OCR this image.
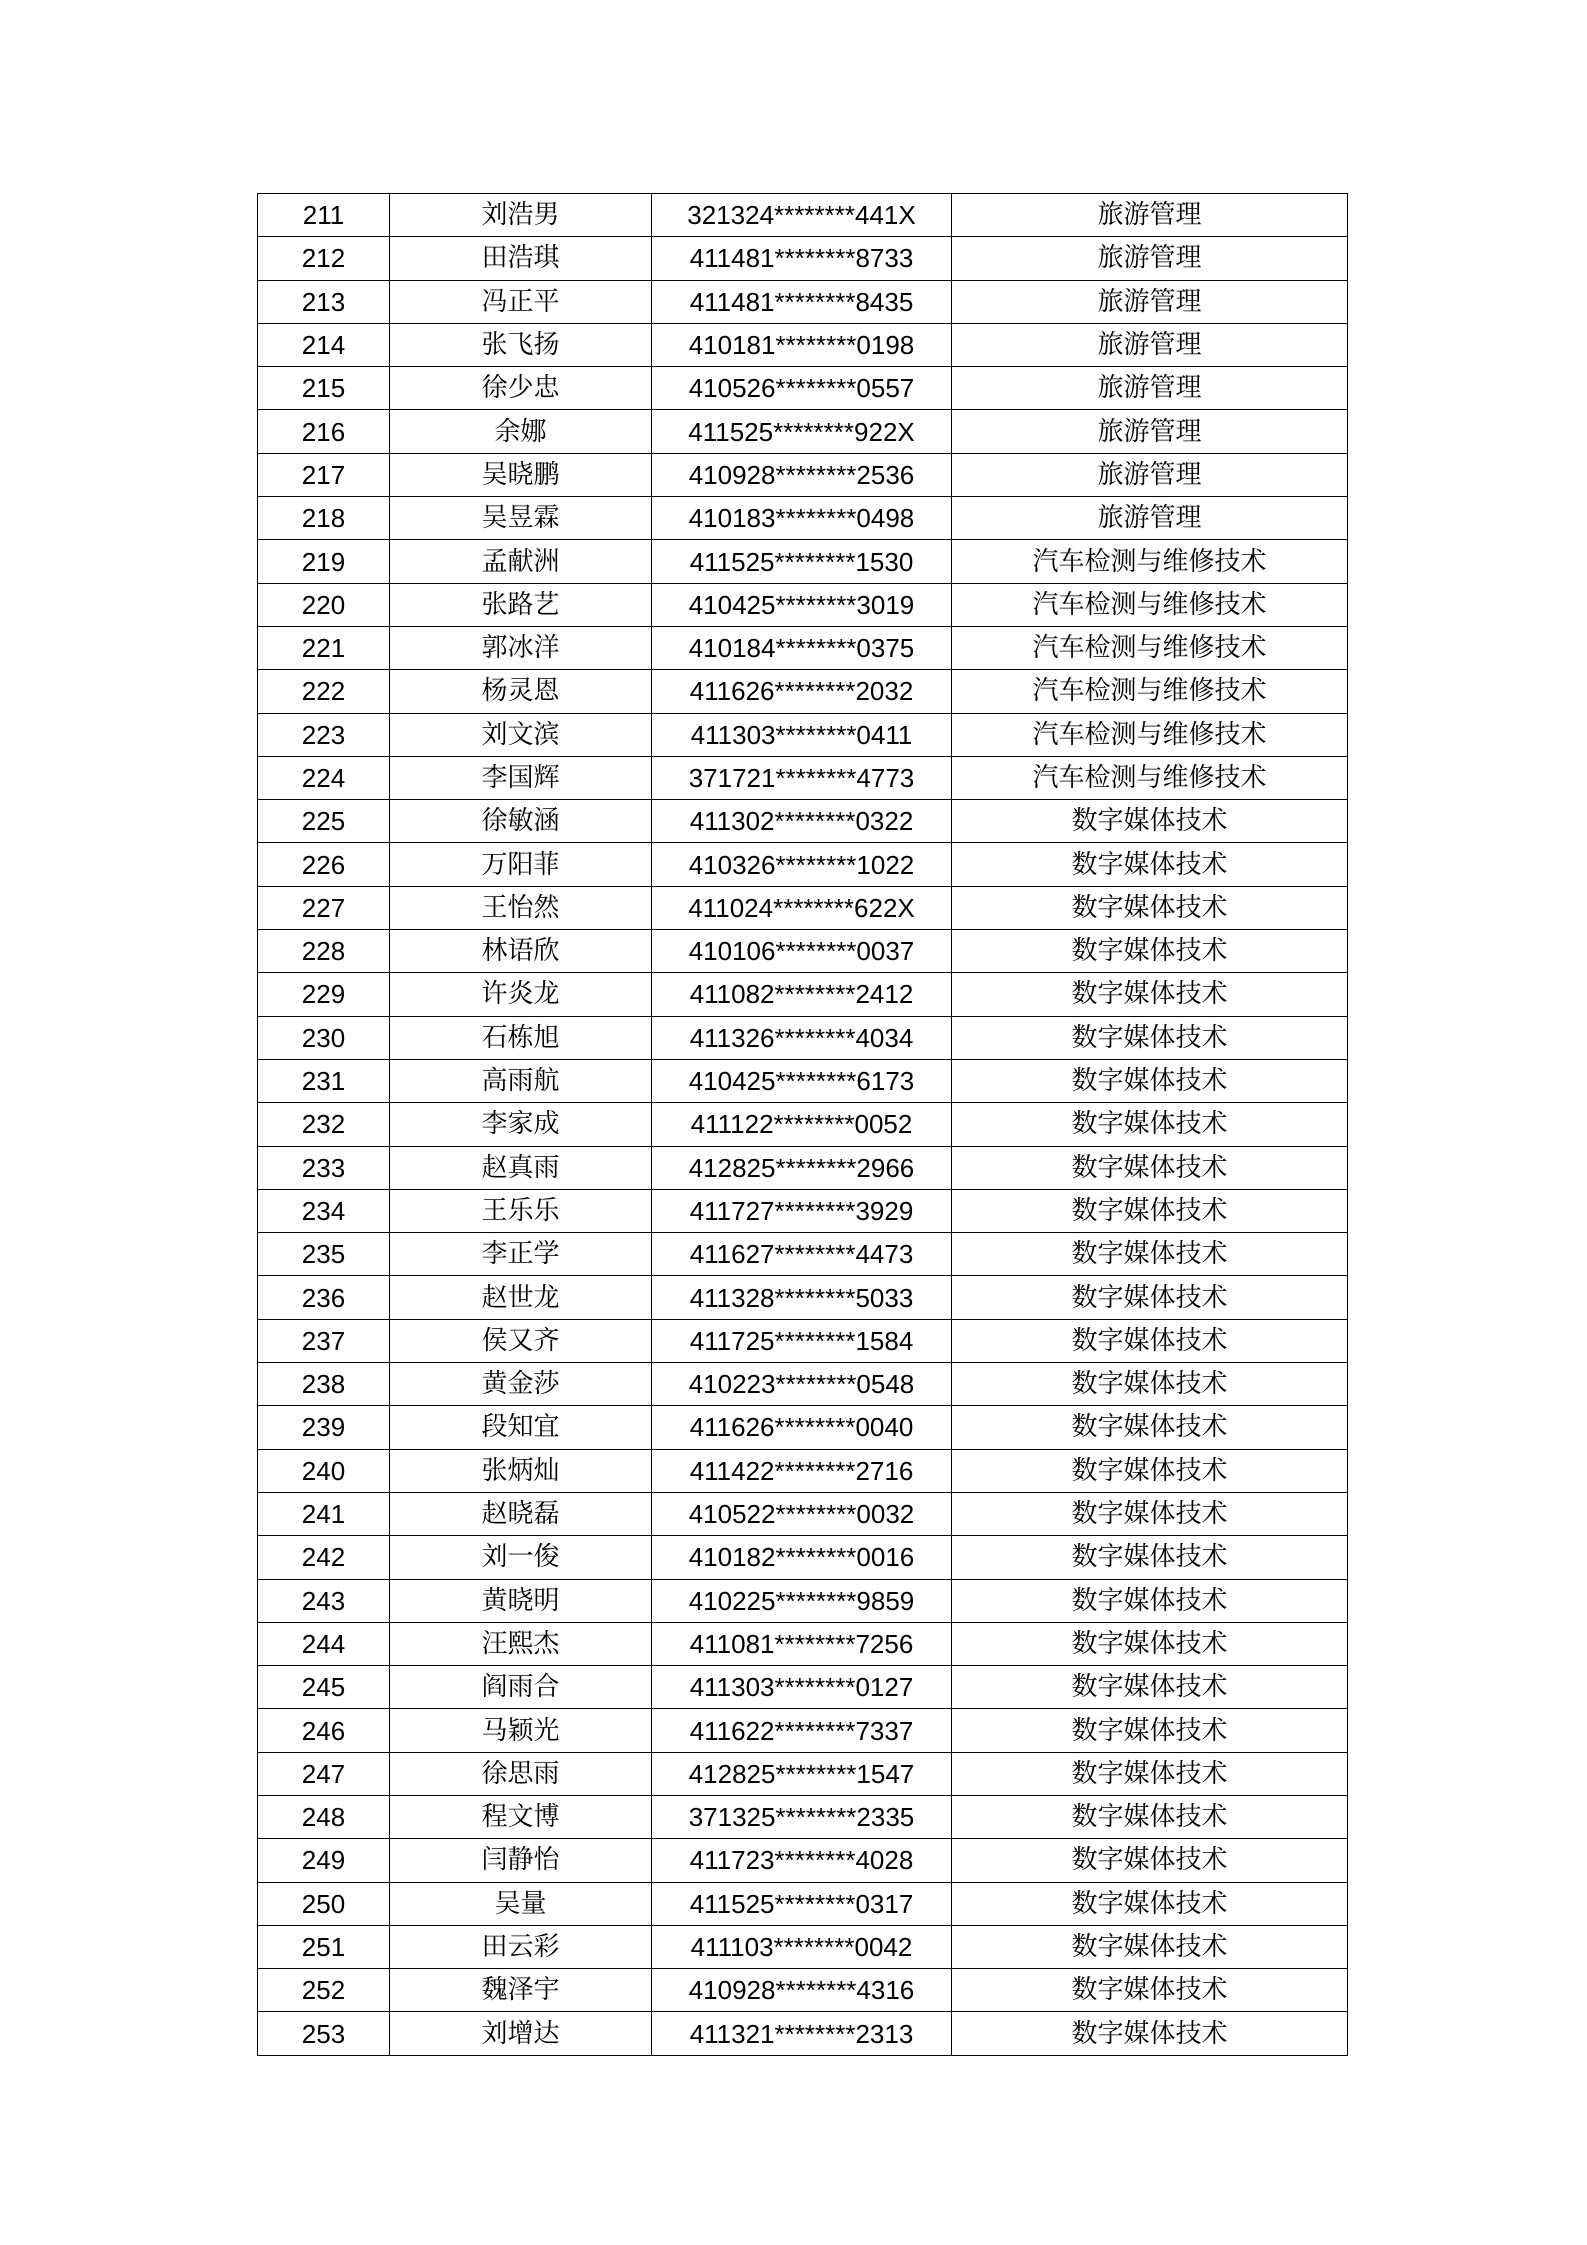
211	刘浩男	321324********441X	旅游管理
212	田浩琪	411481********8733	旅游管理
213	冯正平	411481********8435	旅游管理
214	张飞扬	410181********0198	旅游管理
215	徐少忠	410526********0557	旅游管理
216	余娜	411525********922X	旅游管理
217	吴晓鹏	410928********2536	旅游管理
218	吴昱霖	410183********0498	旅游管理
219	孟献洲	411525********1530	汽车检测与维修技术
220	张路艺	410425********3019	汽车检测与维修技术
221	郭冰洋	410184********0375	汽车检测与维修技术
222	杨灵恩	411626********2032	汽车检测与维修技术
223	刘文滨	411303********0411	汽车检测与维修技术
224	李国辉	371721********4773	汽车检测与维修技术
225	徐敏涵	411302********0322	数字媒体技术
226	万阳菲	410326********1022	数字媒体技术
227	王怡然	411024********622X	数字媒体技术
228	林语欣	410106********0037	数字媒体技术
229	许炎龙	411082********2412	数字媒体技术
230	石栋旭	411326********4034	数字媒体技术
231	高雨航	410425********6173	数字媒体技术
232	李家成	411122********0052	数字媒体技术
233	赵真雨	412825********2966	数字媒体技术
234	王乐乐	411727********3929	数字媒体技术
235	李正学	411627********4473	数字媒体技术
236	赵世龙	411328********5033	数字媒体技术
237	侯又齐	411725********1584	数字媒体技术
238	黄金莎	410223********0548	数字媒体技术
239	段知宜	411626********0040	数字媒体技术
240	张炳灿	411422********2716	数字媒体技术
241	赵晓磊	410522********0032	数字媒体技术
242	刘一俊	410182********0016	数字媒体技术
243	黄晓明	410225********9859	数字媒体技术
244	汪熙杰	411081********7256	数字媒体技术
245	阎雨合	411303********0127	数字媒体技术
246	马颖光	411622********7337	数字媒体技术
247	徐思雨	412825********1547	数字媒体技术
248	程文博	371325********2335	数字媒体技术
249	闫静怡	411723********4028	数字媒体技术
250	吴量	411525********0317	数字媒体技术
251	田云彩	411103********0042	数字媒体技术
252	魏泽宇	410928********4316	数字媒体技术
253	刘增达	411321********2313	数字媒体技术
